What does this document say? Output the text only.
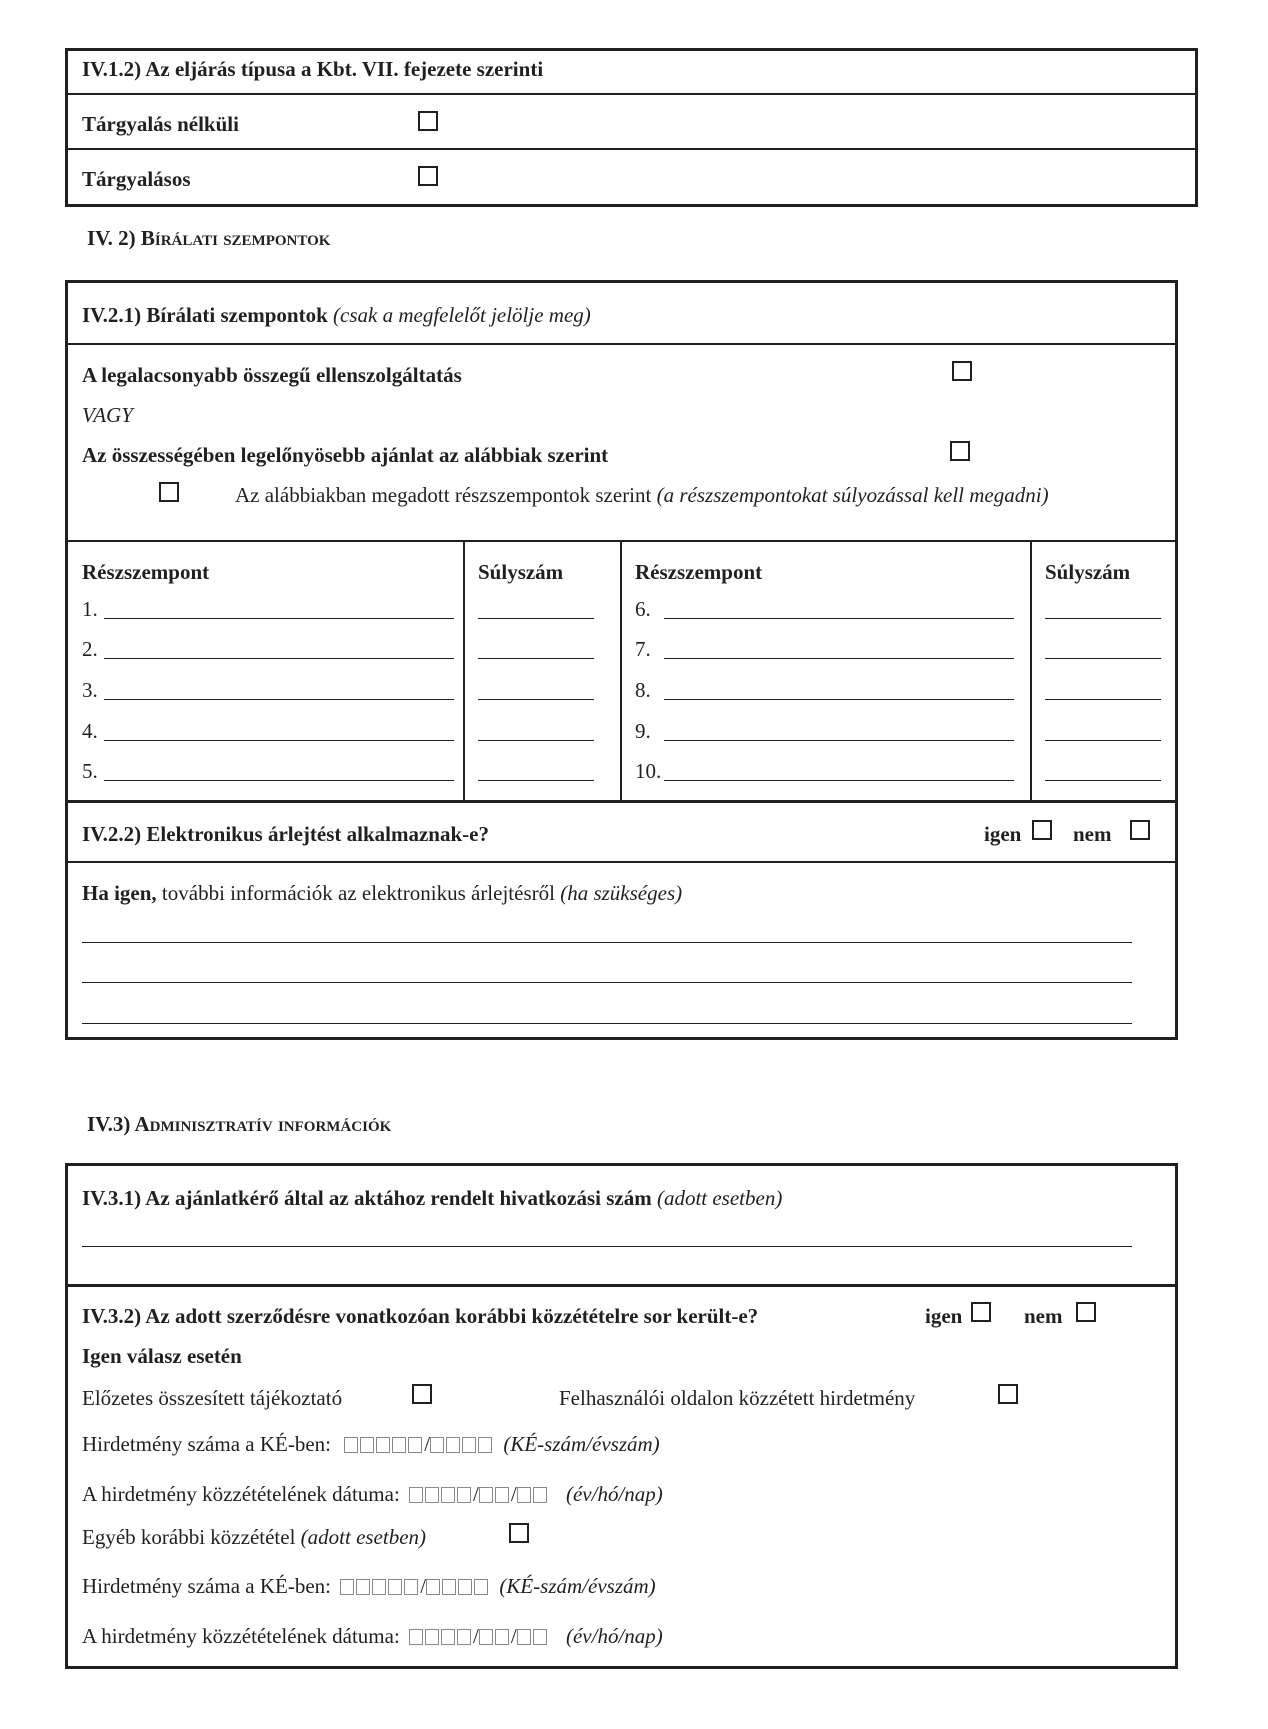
IV.1.2) Az eljárás típusa a Kbt. VII. fejezete szerinti
Tárgyalás nélküli
Tárgyalásos
IV. 2) Bírálati szempontok
IV.2.1) Bírálati szempontok (csak a megfelelőt jelölje meg)
A legalacsonyabb összegű ellenszolgáltatás
VAGY
Az összességében legelőnyösebb ajánlat az alábbiak szerint
Az alábbiakban megadott részszempontok szerint (a részszempontokat súlyozással kell megadni)
Részszempont	Súlyszám	Részszempont	Súlyszám
1.	6.
2.	7.
3.	8.
4.	9.
5.	10.
IV.2.2) Elektronikus árlejtést alkalmaznak-e?	igen nem
Ha igen, további információk az elektronikus árlejtésről (ha szükséges)
IV.3) Adminisztratív információk
IV.3.1) Az ajánlatkérő által az aktához rendelt hivatkozási szám (adott esetben)
IV.3.2) Az adott szerződésre vonatkozóan korábbi közzétételre sor került-e?	igen	nem
Igen válasz esetén
Előzetes összesített tájékoztató	Felhasználói oldalon közzétett hirdetmény
Hirdetmény száma a KÉ-ben:	/	(KÉ-szám/évszám)
A hirdetmény közzétételének dátuma:	/ / (év/hó/nap)
Egyéb korábbi közzététel (adott esetben)
Hirdetmény száma a KÉ-ben:	/	(KÉ-szám/évszám)
A hirdetmény közzétételének dátuma:	/ / (év/hó/nap)
